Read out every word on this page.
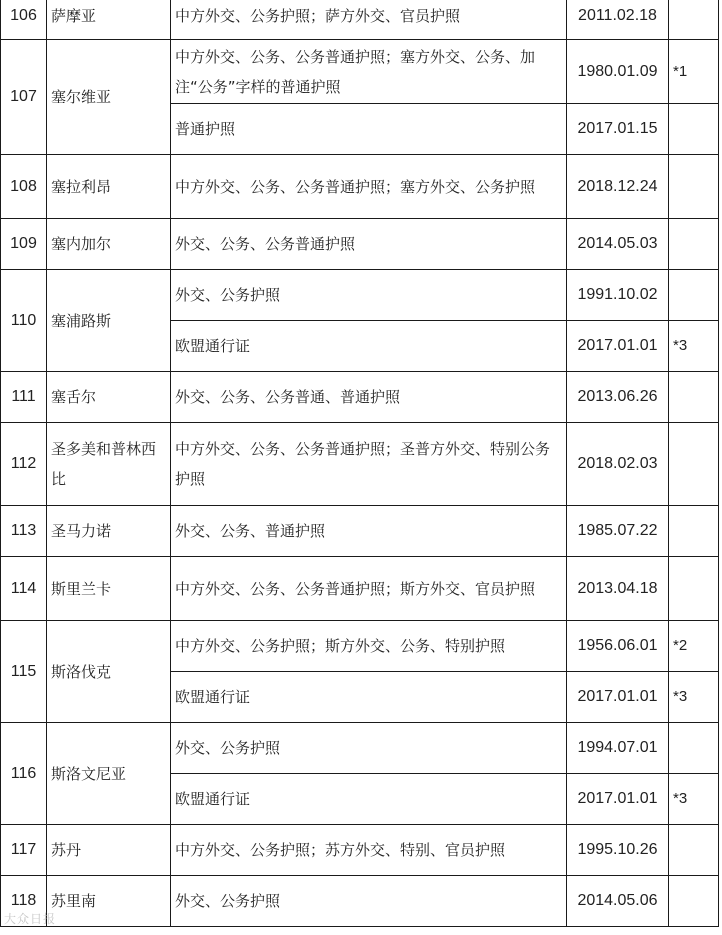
106	萨摩亚	中方外交、公务护照；萨方外交、官员护照	2011.02.18	
107	塞尔维亚	中方外交、公务、公务普通护照；塞方外交、公务、加注“公务”字样的普通护照	1980.01.09	*1
		普通护照	2017.01.15	
108	塞拉利昂	中方外交、公务、公务普通护照；塞方外交、公务护照	2018.12.24	
109	塞内加尔	外交、公务、公务普通护照	2014.05.03	
110	塞浦路斯	外交、公务护照	1991.10.02	
		欧盟通行证	2017.01.01	*3
111	塞舌尔	外交、公务、公务普通、普通护照	2013.06.26	
112	圣多美和普林西比	中方外交、公务、公务普通护照；圣普方外交、特别公务护照	2018.02.03	
113	圣马力诺	外交、公务、普通护照	1985.07.22	
114	斯里兰卡	中方外交、公务、公务普通护照；斯方外交、官员护照	2013.04.18	
115	斯洛伐克	中方外交、公务护照；斯方外交、公务、特别护照	1956.06.01	*2
		欧盟通行证	2017.01.01	*3
116	斯洛文尼亚	外交、公务护照	1994.07.01	
		欧盟通行证	2017.01.01	*3
117	苏丹	中方外交、公务护照；苏方外交、特别、官员护照	1995.10.26	
118	苏里南	外交、公务护照	2014.05.06	
大众日报
